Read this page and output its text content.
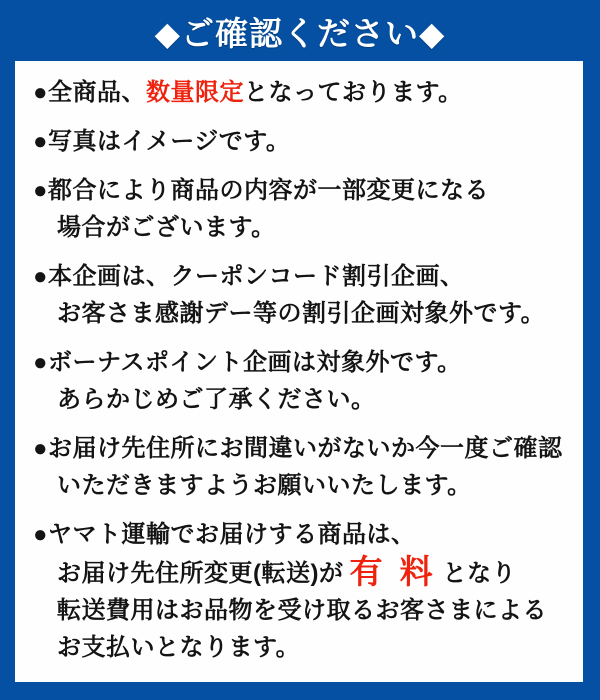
◆ご確認ください◆
●全商品、数量限定となっております。
●写真はイメージです。
●都合により商品の内容が一部変更になる
場合がございます。
●本企画は、クーポンコード割引企画、
お客さま感謝デー等の割引企画対象外です。
●ボーナスポイント企画は対象外です。
あらかじめご了承ください。
●お届け先住所にお間違いがないか今一度ご確認
いただきますようお願いいたします。
●ヤマト運輸でお届けする商品は、
お届け先住所変更(転送)が 有 料 となり
転送費用はお品物を受け取るお客さまによる
お支払いとなります。
